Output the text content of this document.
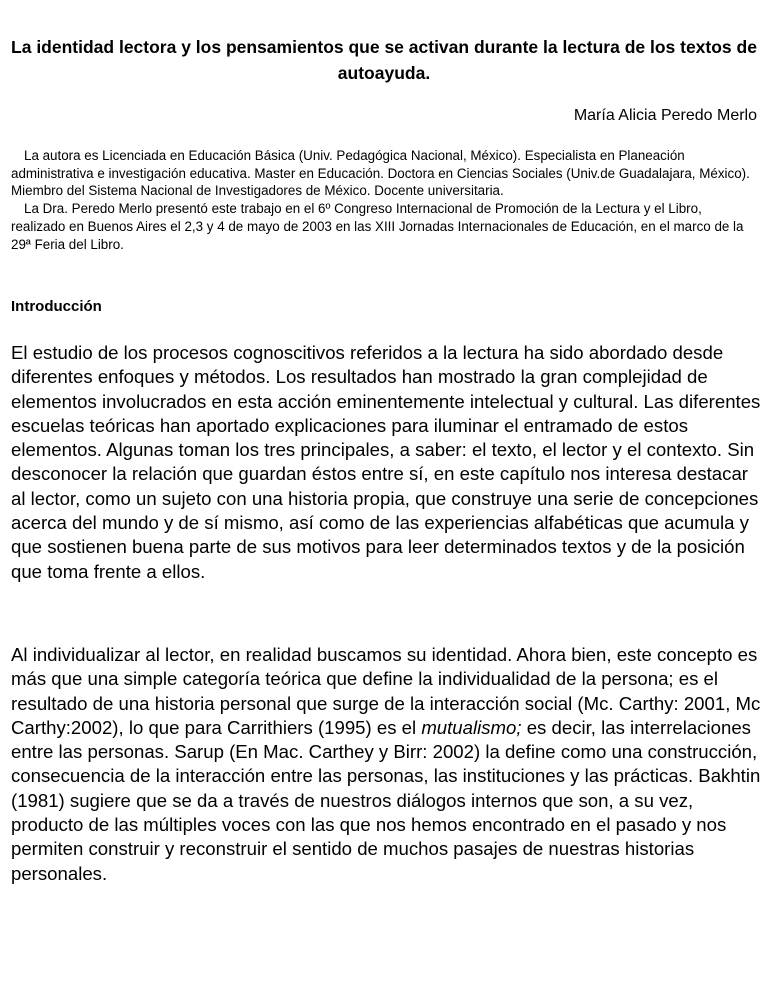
La identidad lectora y los pensamientos que se activan durante la lectura de los textos de autoayuda.
María Alicia Peredo Merlo

La autora es Licenciada en Educación Básica (Univ. Pedagógica Nacional, México). Especialista en Planeación administrativa e investigación educativa. Master en Educación. Doctora en Ciencias Sociales (Univ.de Guadalajara, México). Miembro del Sistema Nacional de Investigadores de México. Docente universitaria.

La Dra. Peredo Merlo presentó este trabajo en el 6º Congreso Internacional de Promoción de la Lectura y el Libro, realizado en Buenos Aires el 2,3 y 4 de mayo de 2003 en las XIII Jornadas Internacionales de Educación, en el marco de la 29ª Feria del Libro.

Introducción

El estudio de los procesos cognoscitivos referidos a la lectura ha sido abordado desde diferentes enfoques y métodos. Los resultados han mostrado la gran complejidad de elementos involucrados en esta acción eminentemente intelectual y cultural. Las diferentes escuelas teóricas han aportado explicaciones para iluminar el entramado de estos elementos. Algunas toman los tres principales, a saber: el texto, el lector y el contexto. Sin desconocer la relación que guardan éstos entre sí, en este capítulo nos interesa destacar al lector, como un sujeto con una historia propia, que construye una serie de concepciones acerca del mundo y de sí mismo, así como de las experiencias alfabéticas que acumula y que sostienen buena parte de sus motivos para leer determinados textos y de la posición que toma frente a ellos.

Al individualizar al lector, en realidad buscamos su identidad. Ahora bien, este concepto es más que una simple categoría teórica que define la individualidad de la persona; es el resultado de una historia personal que surge de la interacción social (Mc. Carthy: 2001, Mc Carthy:2002), lo que para Carrithiers (1995) es el mutualismo; es decir, las interrelaciones entre las personas. Sarup (En Mac. Carthey y Birr: 2002) la define como una construcción, consecuencia de la interacción entre las personas, las instituciones y las prácticas. Bakhtin (1981) sugiere que se da a través de nuestros diálogos internos que son, a su vez, producto de las múltiples voces con las que nos hemos encontrado en el pasado y nos permiten construir y reconstruir el sentido de muchos pasajes de nuestras historias personales.
